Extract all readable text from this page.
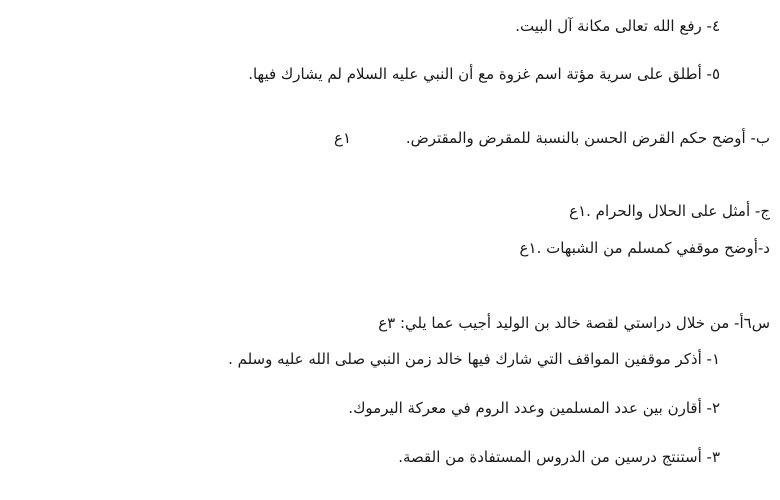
٤- رفع الله تعالى مكانة آل البيت.
٥- أطلق على سرية مؤتة اسم غزوة مع أن النبي عليه السلام لم يشارك فيها.
ب- أوضح حكم القرض الحسن بالنسبة للمقرض والمقترض.
١ع
ج- أمثل على الحلال والحرام .١ع
د-أوضح موقفي كمسلم من الشبهات .١ع
س٦أ- من خلال دراستي لقصة خالد بن الوليد أجيب عما يلي: ٣ع
١- أذكر موقفين المواقف التي شارك فيها خالد زمن النبي صلى الله عليه وسلم .
٢- أقارن بين عدد المسلمين وعدد الروم في معركة اليرموك.
٣- أستنتج درسين من الدروس المستفادة من القصة.
